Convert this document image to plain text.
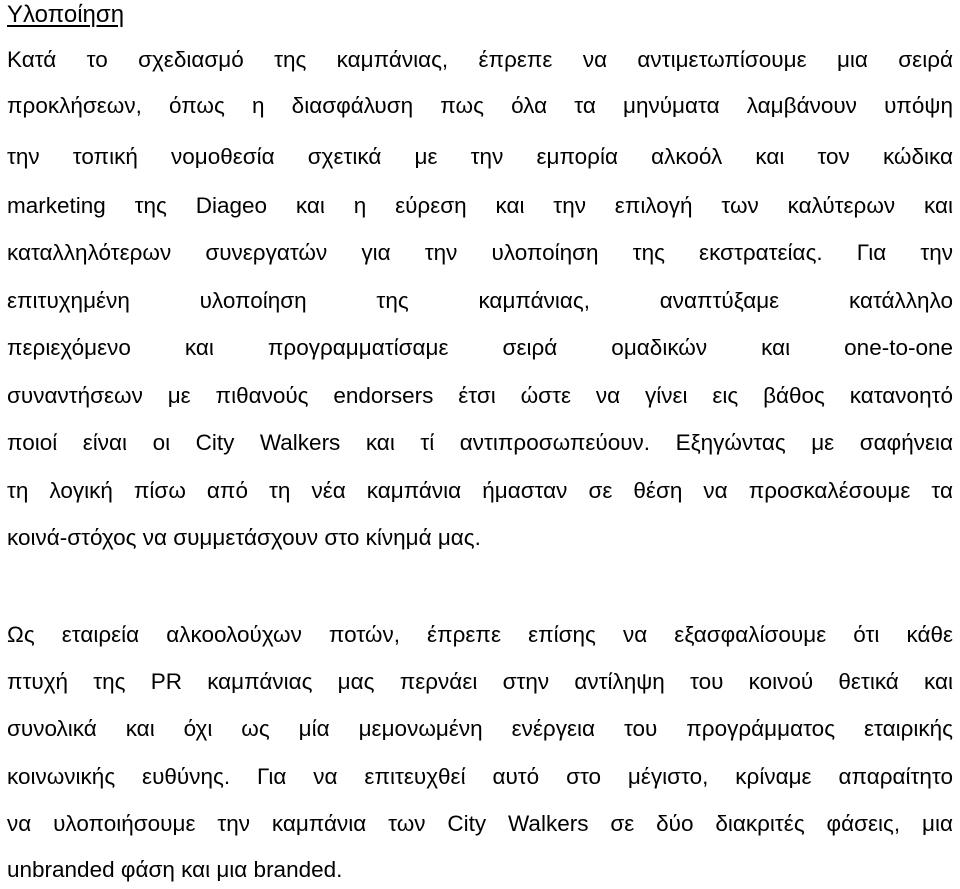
Υλοποίηση
Κατά το σχεδιασμό της καμπάνιας, έπρεπε να αντιμετωπίσουμε μια σειρά
προκλήσεων, όπως η διασφάλυση πως όλα τα μηνύματα λαμβάνουν υπόψη
την τοπική νομοθεσία σχετικά με την εμπορία αλκοόλ και τον κώδικα
marketing της Diageo και η εύρεση και την επιλογή των καλύτερων και
καταλληλότερων συνεργατών για την υλοποίηση της εκστρατείας. Για την
επιτυχημένη υλοποίηση της καμπάνιας, αναπτύξαμε κατάλληλο
περιεχόμενο και προγραμματίσαμε σειρά ομαδικών και one-to-one
συναντήσεων με πιθανούς endorsers έτσι ώστε να γίνει εις βάθος κατανοητό
ποιοί είναι οι City Walkers και τί αντιπροσωπεύουν. Εξηγώντας με σαφήνεια
τη λογική πίσω από τη νέα καμπάνια ήμασταν σε θέση να προσκαλέσουμε τα
κοινά-στόχος να συμμετάσχουν στο κίνημά μας.
Ως εταιρεία αλκοολούχων ποτών, έπρεπε επίσης να εξασφαλίσουμε ότι κάθε
πτυχή της PR καμπάνιας μας περνάει στην αντίληψη του κοινού θετικά και
συνολικά και όχι ως μία μεμονωμένη ενέργεια του προγράμματος εταιρικής
κοινωνικής ευθύνης. Για να επιτευχθεί αυτό στο μέγιστο, κρίναμε απαραίτητο
να υλοποιήσουμε την καμπάνια των City Walkers σε δύο διακριτές φάσεις, μια
unbranded φάση και μια branded.
